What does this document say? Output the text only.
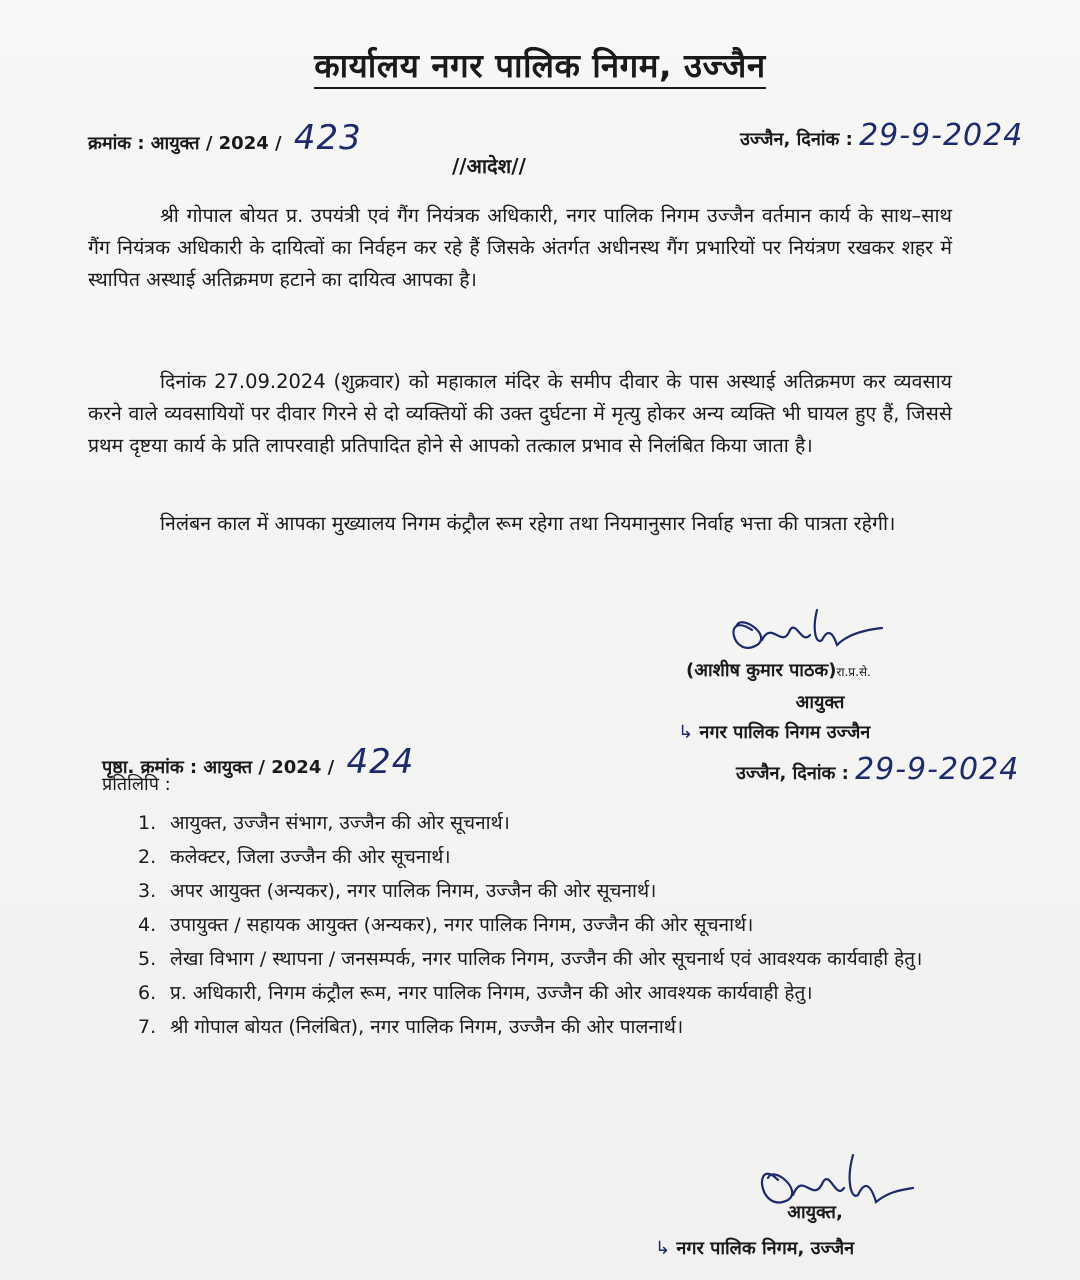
कार्यालय नगर पालिक निगम, उज्जैन
क्रमांक : आयुक्त / 2024 / 423	उज्जैन, दिनांक : 29-9-2024
//आदेश//

श्री गोपाल बोयत प्र. उपयंत्री एवं गैंग नियंत्रक अधिकारी, नगर पालिक निगम उज्जैन वर्तमान कार्य के साथ–साथ गैंग नियंत्रक अधिकारी के दायित्वों का निर्वहन कर रहे हैं जिसके अंतर्गत अधीनस्थ गैंग प्रभारियों पर नियंत्रण रखकर शहर में स्थापित अस्थाई अतिक्रमण हटाने का दायित्व आपका है।

दिनांक 27.09.2024 (शुक्रवार) को महाकाल मंदिर के समीप दीवार के पास अस्थाई अतिक्रमण कर व्यवसाय करने वाले व्यवसायियों पर दीवार गिरने से दो व्यक्तियों की उक्त दुर्घटना में मृत्यु होकर अन्य व्यक्ति भी घायल हुए हैं, जिससे प्रथम दृष्टया कार्य के प्रति लापरवाही प्रतिपादित होने से आपको तत्काल प्रभाव से निलंबित किया जाता है।

निलंबन काल में आपका मुख्यालय निगम कंट्रौल रूम रहेगा तथा नियमानुसार निर्वाह भत्ता की पात्रता रहेगी।

(आशीष कुमार पाठक)रा.प्र.से.
आयुक्त
↳ नगर पालिक निगम उज्जैन
उज्जैन, दिनांक : 29-9-2024
पृष्ठा. क्रमांक : आयुक्त / 2024 / 424
प्रतिलिपि :
1. आयुक्त, उज्जैन संभाग, उज्जैन की ओर सूचनार्थ।
2. कलेक्टर, जिला उज्जैन की ओर सूचनार्थ।
3. अपर आयुक्त (अन्यकर), नगर पालिक निगम, उज्जैन की ओर सूचनार्थ।
4. उपायुक्त / सहायक आयुक्त (अन्यकर), नगर पालिक निगम, उज्जैन की ओर सूचनार्थ।
5. लेखा विभाग / स्थापना / जनसम्पर्क, नगर पालिक निगम, उज्जैन की ओर सूचनार्थ एवं आवश्यक कार्यवाही हेतु।
6. प्र. अधिकारी, निगम कंट्रौल रूम, नगर पालिक निगम, उज्जैन की ओर आवश्यक कार्यवाही हेतु।
7. श्री गोपाल बोयत (निलंबित), नगर पालिक निगम, उज्जैन की ओर पालनार्थ।
आयुक्त,
↳ नगर पालिक निगम, उज्जैन
